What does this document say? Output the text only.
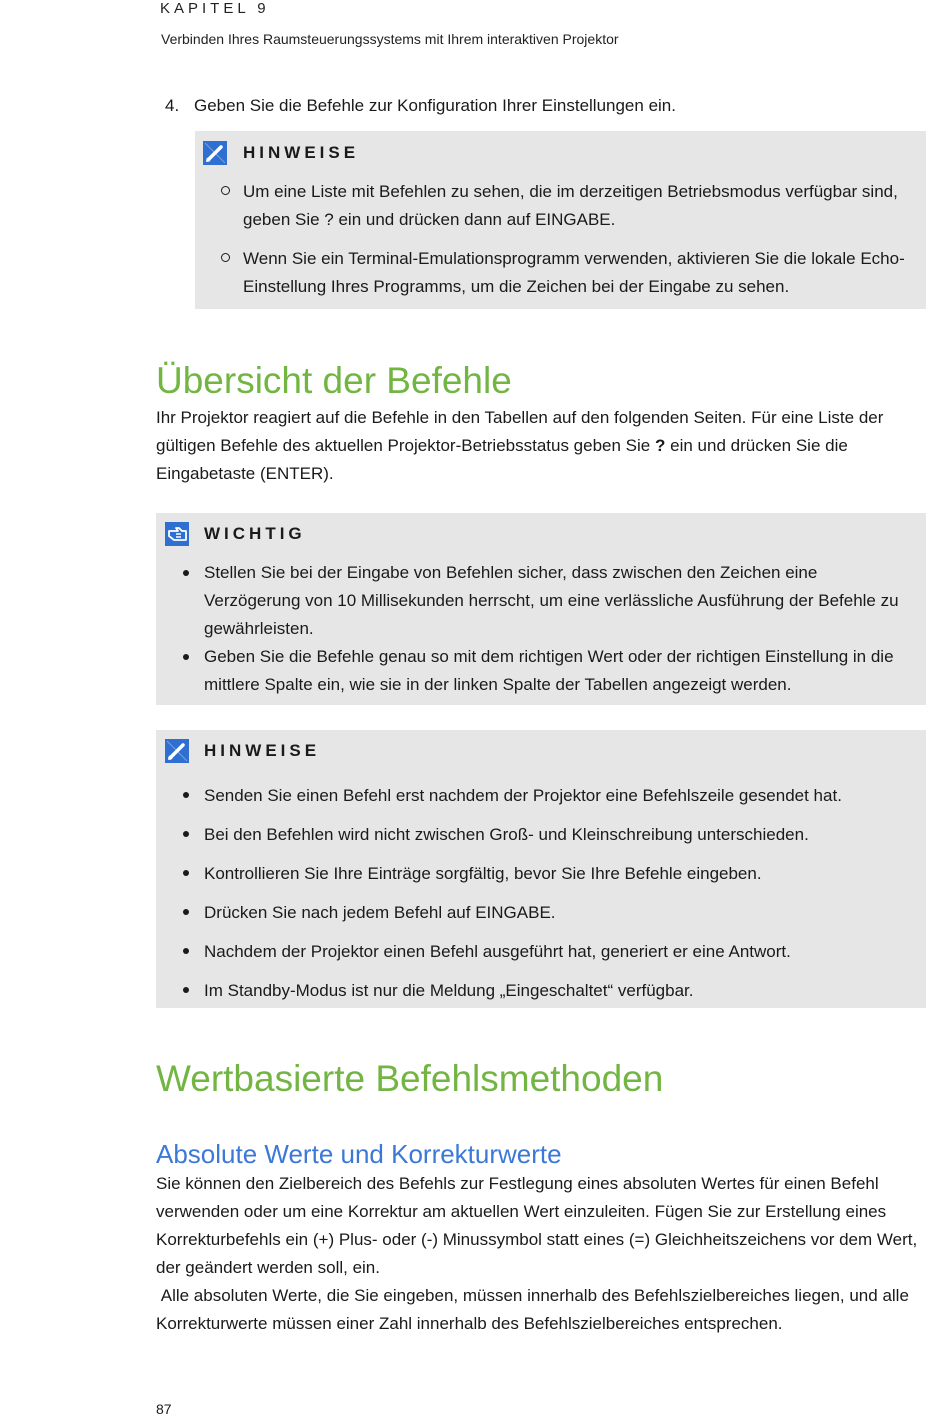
KAPITEL 9
Verbinden Ihres Raumsteuerungssystems mit Ihrem interaktiven Projektor
4. Geben Sie die Befehle zur Konfiguration Ihrer Einstellungen ein.
HINWEISE
Um eine Liste mit Befehlen zu sehen, die im derzeitigen Betriebsmodus verfügbar sind, geben Sie ? ein und drücken dann auf EINGABE.
Wenn Sie ein Terminal-Emulationsprogramm verwenden, aktivieren Sie die lokale Echo-Einstellung Ihres Programms, um die Zeichen bei der Eingabe zu sehen.
Übersicht der Befehle
Ihr Projektor reagiert auf die Befehle in den Tabellen auf den folgenden Seiten. Für eine Liste der gültigen Befehle des aktuellen Projektor-Betriebsstatus geben Sie ? ein und drücken Sie die Eingabetaste (ENTER).
WICHTIG
Stellen Sie bei der Eingabe von Befehlen sicher, dass zwischen den Zeichen eine Verzögerung von 10 Millisekunden herrscht, um eine verlässliche Ausführung der Befehle zu gewährleisten.
Geben Sie die Befehle genau so mit dem richtigen Wert oder der richtigen Einstellung in die mittlere Spalte ein, wie sie in der linken Spalte der Tabellen angezeigt werden.
HINWEISE
Senden Sie einen Befehl erst nachdem der Projektor eine Befehlszeile gesendet hat.
Bei den Befehlen wird nicht zwischen Groß- und Kleinschreibung unterschieden.
Kontrollieren Sie Ihre Einträge sorgfältig, bevor Sie Ihre Befehle eingeben.
Drücken Sie nach jedem Befehl auf EINGABE.
Nachdem der Projektor einen Befehl ausgeführt hat, generiert er eine Antwort.
Im Standby-Modus ist nur die Meldung „Eingeschaltet“ verfügbar.
Wertbasierte Befehlsmethoden
Absolute Werte und Korrekturwerte
Sie können den Zielbereich des Befehls zur Festlegung eines absoluten Wertes für einen Befehl verwenden oder um eine Korrektur am aktuellen Wert einzuleiten. Fügen Sie zur Erstellung eines Korrekturbefehls ein (+) Plus- oder (-) Minussymbol statt eines (=) Gleichheitszeichens vor dem Wert, der geändert werden soll, ein.
Alle absoluten Werte, die Sie eingeben, müssen innerhalb des Befehlszielbereiches liegen, und alle Korrekturwerte müssen einer Zahl innerhalb des Befehlszielbereiches entsprechen.
87
